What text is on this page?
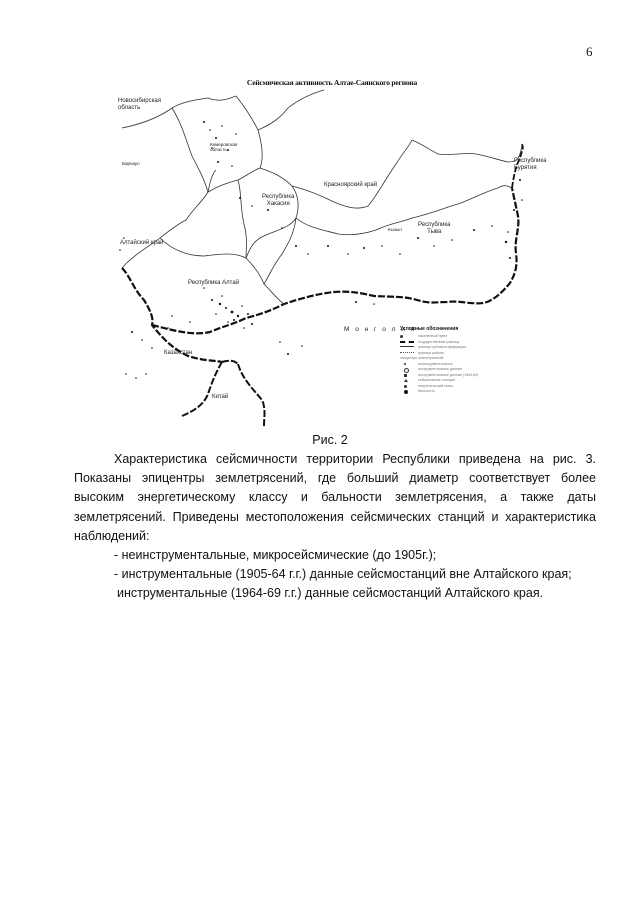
6
Сейсмическая активность Алтае-Саянского региона
Новосибирская
область
Кемеровская
область
Барнаул
Республика
Хакасия
Красноярский край
Республика
Бурятия
Республика
Тыва
Кызыл
Алтайский край
Республика Алтай
М о н г о л и я
Казахстан
Китай
Условные обозначения
населенный пункт
государственная граница
граница субъекта федерации
граница района
эпицентры землетрясений:
неинструментальные
инструментальные данные
инструментальные данные (1964-69)
сейсмические станции
энергетический класс
бальность
Рис. 2

Характеристика сейсмичности территории Республики приведена на рис. 3. Показаны эпицентры землетрясений, где больший диаметр соответствует более высоким энергетическому классу и бальности землетрясения, а также даты землетрясений. Приведены местоположения сейсмических станций и характеристика наблюдений:

- неинструментальные, микросейсмические (до 1905г.);

- инструментальные (1905-64 г.г.) данные сейсмостанций вне Алтайского края;

инструментальные (1964-69 г.г.) данные сейсмостанций Алтайского края.
